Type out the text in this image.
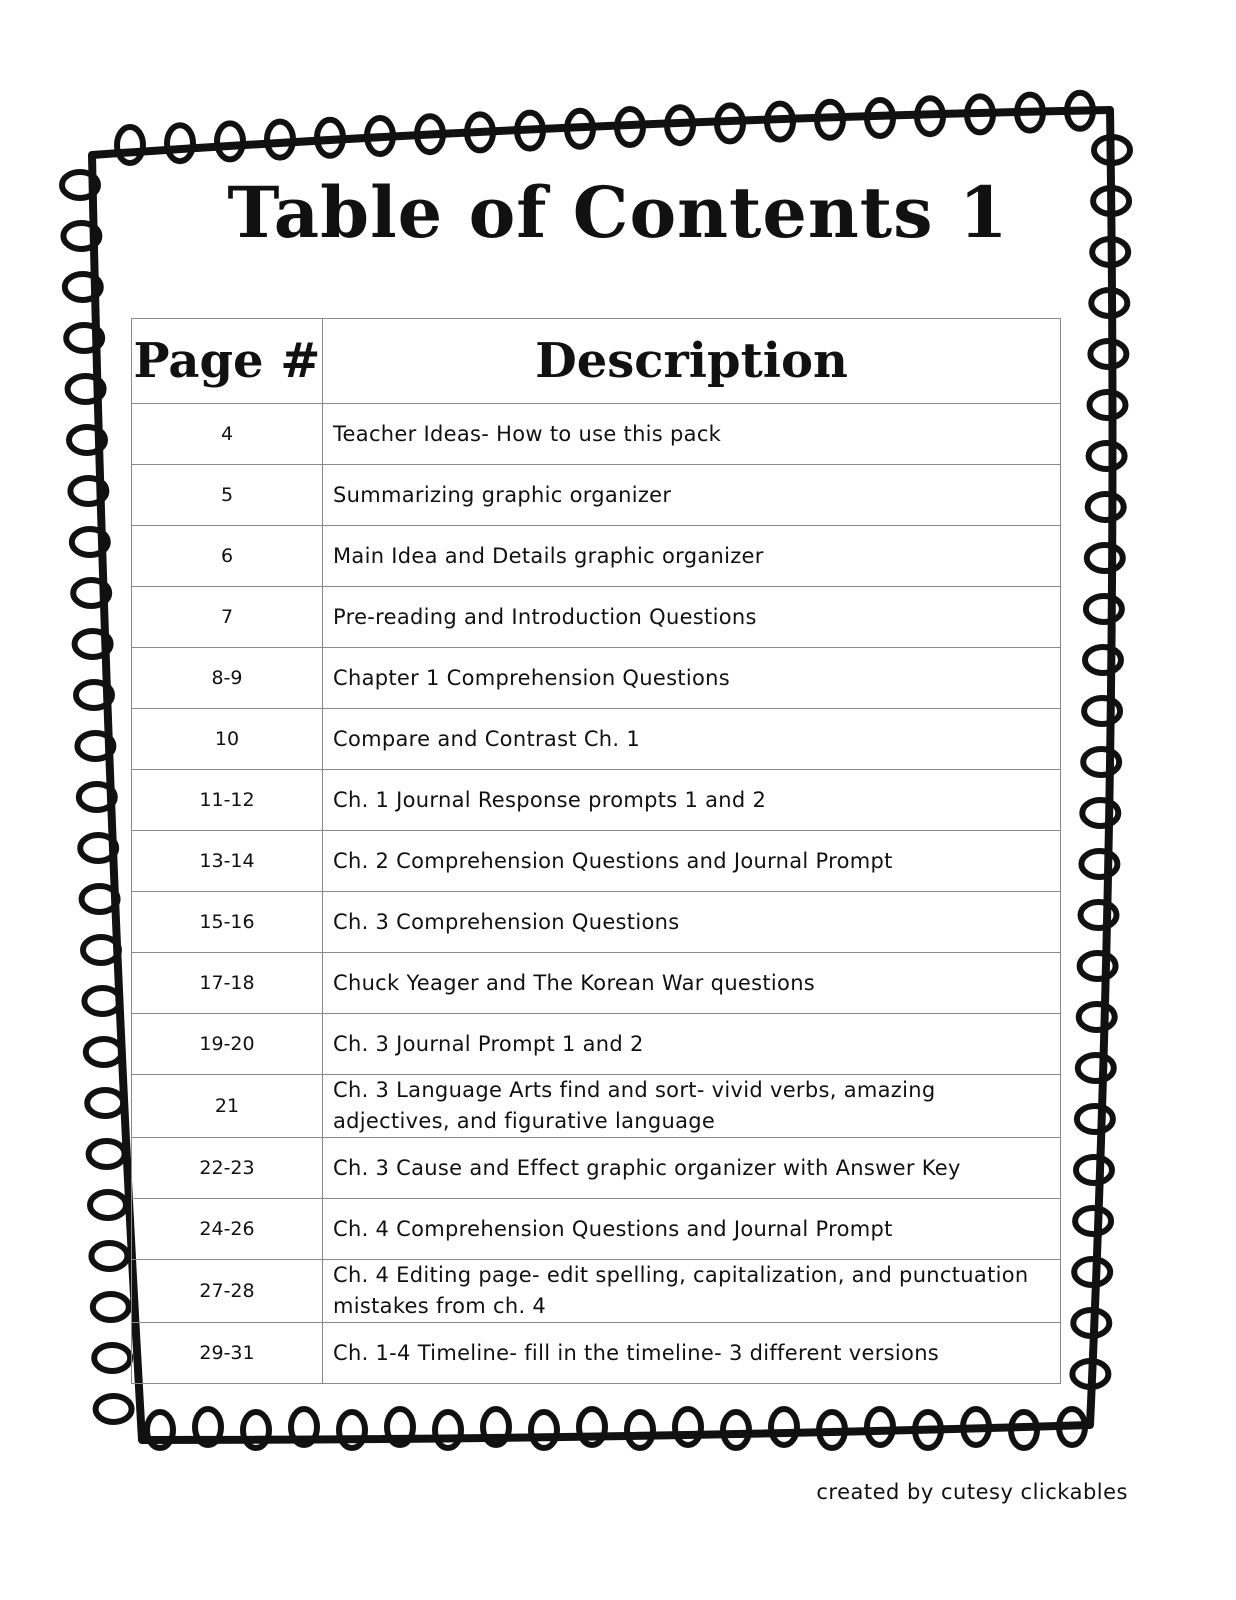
Table of Contents 1
Page #	Description
4	Teacher Ideas- How to use this pack
5	Summarizing graphic organizer
6	Main Idea and Details graphic organizer
7	Pre-reading and Introduction Questions
8-9	Chapter 1 Comprehension Questions
10	Compare and Contrast Ch. 1
11-12	Ch. 1 Journal Response prompts 1 and 2
13-14	Ch. 2 Comprehension Questions and Journal Prompt
15-16	Ch. 3 Comprehension Questions
17-18	Chuck Yeager and The Korean War questions
19-20	Ch. 3 Journal Prompt 1 and 2
21	Ch. 3 Language Arts find and sort- vivid verbs, amazing adjectives, and figurative language
22-23	Ch. 3 Cause and Effect graphic organizer with Answer Key
24-26	Ch. 4 Comprehension Questions and Journal Prompt
27-28	Ch. 4 Editing page- edit spelling, capitalization, and punctuation mistakes from ch. 4
29-31	Ch. 1-4 Timeline- fill in the timeline- 3 different versions
created by cutesy clickables
